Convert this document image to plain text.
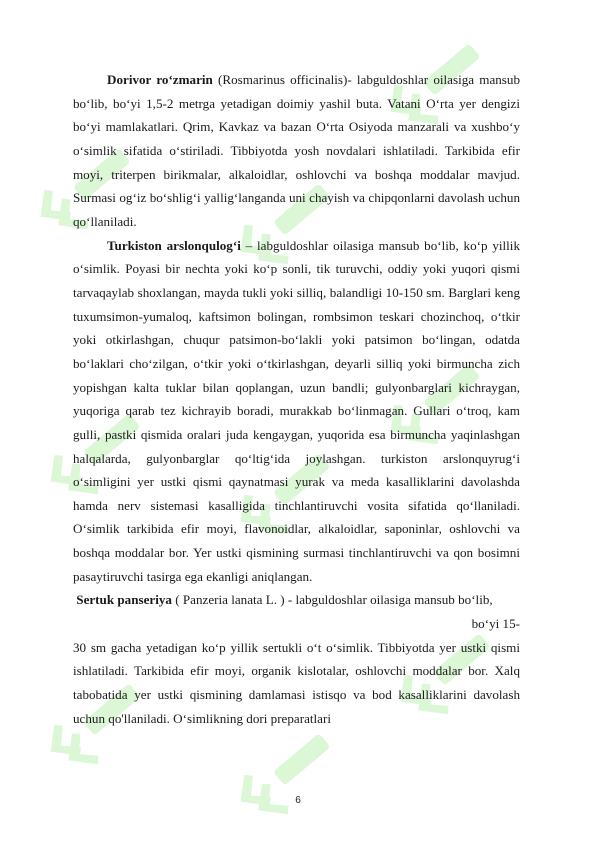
Dorivor roʻzmarin (Rosmarinus officinalis)- labguldoshlar oilasiga mansub boʻlib, boʻyi 1,5-2 metrga yetadigan doimiy yashil buta. Vatani Oʻrta yer dengizi boʻyi mamlakatlari. Qrim, Kavkaz va bazan Oʻrta Osiyoda manzarali va xushboʻy oʻsimlik sifatida oʻstiriladi. Tibbiyotda yosh novdalari ishlatiladi. Tarkibida efir moyi, triterpen birikmalar, alkaloidlar, oshlovchi va boshqa moddalar mavjud. Surmasi ogʻiz boʻshligʻi yalligʻlanganda uni chayish va chipqonlarni davolash uchun qoʻllaniladi.

Turkiston arslonqulogʻi – labguldoshlar oilasiga mansub boʻlib, koʻp yillik oʻsimlik. Poyasi bir nechta yoki koʻp sonli, tik turuvchi, oddiy yoki yuqori qismi tarvaqaylab shoxlangan, mayda tukli yoki silliq, balandligi 10-150 sm. Barglari keng tuxumsimon-yumaloq, kaftsimon bolingan, rombsimon teskari chozinchoq, oʻtkir yoki otkirlashgan, chuqur patsimon-boʻlakli yoki patsimon boʻlingan, odatda boʻlaklari choʻzilgan, oʻtkir yoki oʻtkirlashgan, deyarli silliq yoki birmuncha zich yopishgan kalta tuklar bilan qoplangan, uzun bandli; gulyonbarglari kichraygan, yuqoriga qarab tez kichrayib boradi, murakkab boʻlinmagan. Gullari oʻtroq, kam gulli, pastki qismida oralari juda kengaygan, yuqorida esa birmuncha yaqinlashgan halqalarda, gulyonbarglar qoʻltigʻida joylashgan. turkiston arslonquyrugʻi oʻsimligini yer ustki qismi qaynatmasi yurak va meda kasalliklarini davolashda hamda nerv sistemasi kasalligida tinchlantiruvchi vosita sifatida qoʻllaniladi. Oʻsimlik tarkibida efir moyi, flavonoidlar, alkaloidlar, saponinlar, oshlovchi va boshqa moddalar bor. Yer ustki qismining surmasi tinchlantiruvchi va qon bosimni pasaytiruvchi tasirga ega ekanligi aniqlangan.

Sertuk panseriya ( Panzeria lanata L. ) - labguldoshlar oilasiga mansub boʻlib,

boʻyi 15-

30 sm gacha yetadigan koʻp yillik sertukli oʻt oʻsimlik. Tibbiyotda yer ustki qismi ishlatiladi. Tarkibida efir moyi, organik kislotalar, oshlovchi moddalar bor. Xalq tabobatida yer ustki qismining damlamasi istisqo va bod kasalliklarini davolash uchun qo'llaniladi. Oʻsimlikning dori preparatlari

6
